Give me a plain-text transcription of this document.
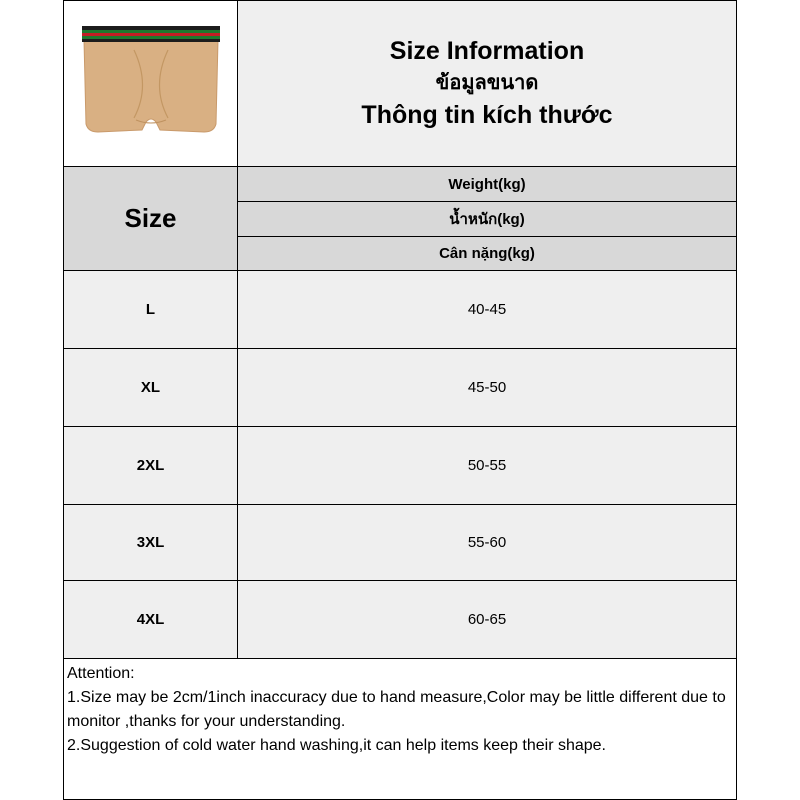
Size Information
ข้อมูลขนาด
Thông tin kích thước
Size
Weight(kg)
น้ำหนัก(kg)
Cân nặng(kg)
L	40-45
XL	45-50
2XL	50-55
3XL	55-60
4XL	60-65

Attention:

1.Size may be 2cm/1inch inaccuracy due to hand measure,Color may be little different due to monitor ,thanks for your understanding.

2.Suggestion of cold water hand washing,it can help items keep their shape.
